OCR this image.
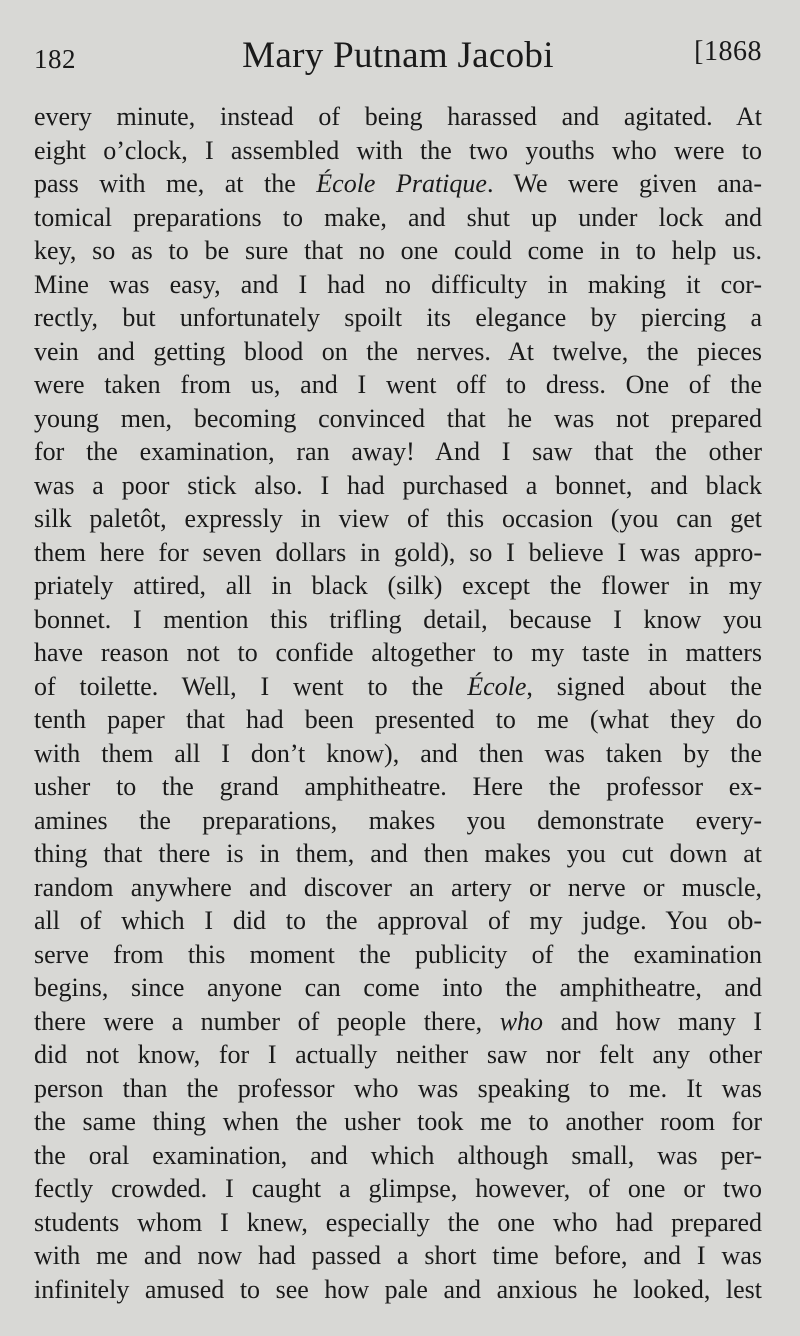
182	Mary Putnam Jacobi	[1868
every minute, instead of being harassed and agitated. At
eight o’clock, I assembled with the two youths who were to
pass with me, at the École Pratique. We were given ana-
tomical preparations to make, and shut up under lock and
key, so as to be sure that no one could come in to help us.
Mine was easy, and I had no difficulty in making it cor-
rectly, but unfortunately spoilt its elegance by piercing a
vein and getting blood on the nerves. At twelve, the pieces
were taken from us, and I went off to dress. One of the
young men, becoming convinced that he was not prepared
for the examination, ran away! And I saw that the other
was a poor stick also. I had purchased a bonnet, and black
silk paletôt, expressly in view of this occasion (you can get
them here for seven dollars in gold), so I believe I was appro-
priately attired, all in black (silk) except the flower in my
bonnet. I mention this trifling detail, because I know you
have reason not to confide altogether to my taste in matters
of toilette. Well, I went to the École, signed about the
tenth paper that had been presented to me (what they do
with them all I don’t know), and then was taken by the
usher to the grand amphitheatre. Here the professor ex-
amines the preparations, makes you demonstrate every-
thing that there is in them, and then makes you cut down at
random anywhere and discover an artery or nerve or muscle,
all of which I did to the approval of my judge. You ob-
serve from this moment the publicity of the examination
begins, since anyone can come into the amphitheatre, and
there were a number of people there, who and how many I
did not know, for I actually neither saw nor felt any other
person than the professor who was speaking to me. It was
the same thing when the usher took me to another room for
the oral examination, and which although small, was per-
fectly crowded. I caught a glimpse, however, of one or two
students whom I knew, especially the one who had prepared
with me and now had passed a short time before, and I was
infinitely amused to see how pale and anxious he looked, lest
